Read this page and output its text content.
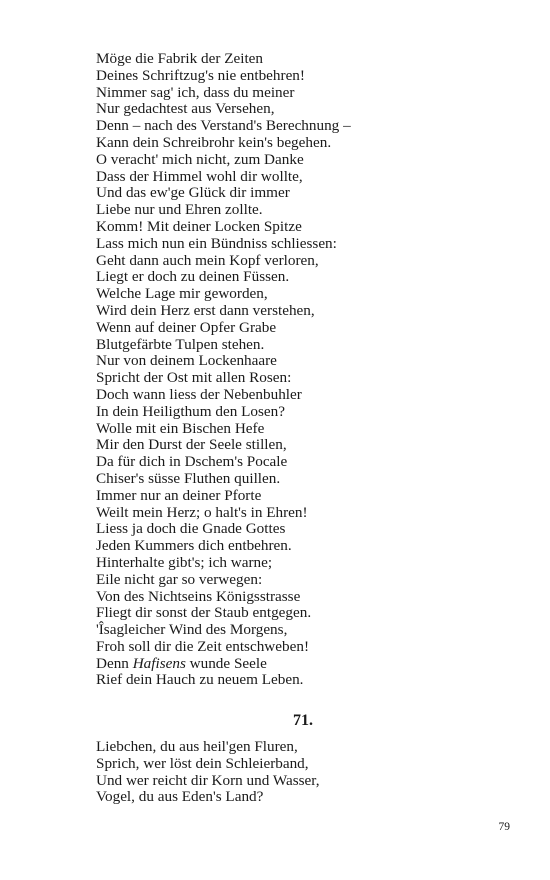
Möge die Fabrik der Zeiten
Deines Schriftzug's nie entbehren!
Nimmer sag' ich, dass du meiner
Nur gedachtest aus Versehen,
Denn – nach des Verstand's Berechnung –
Kann dein Schreibrohr kein's begehen.
O veracht' mich nicht, zum Danke
Dass der Himmel wohl dir wollte,
Und das ew'ge Glück dir immer
Liebe nur und Ehren zollte.
Komm! Mit deiner Locken Spitze
Lass mich nun ein Bündniss schliessen:
Geht dann auch mein Kopf verloren,
Liegt er doch zu deinen Füssen.
Welche Lage mir geworden,
Wird dein Herz erst dann verstehen,
Wenn auf deiner Opfer Grabe
Blutgefärbte Tulpen stehen.
Nur von deinem Lockenhaare
Spricht der Ost mit allen Rosen:
Doch wann liess der Nebenbuhler
In dein Heiligthum den Losen?
Wolle mit ein Bischen Hefe
Mir den Durst der Seele stillen,
Da für dich in Dschem's Pocale
Chiser's süsse Fluthen quillen.
Immer nur an deiner Pforte
Weilt mein Herz; o halt's in Ehren!
Liess ja doch die Gnade Gottes
Jeden Kummers dich entbehren.
Hinterhalte gibt's; ich warne;
Eile nicht gar so verwegen:
Von des Nichtseins Königsstrasse
Fliegt dir sonst der Staub entgegen.
'Îsagleicher Wind des Morgens,
Froh soll dir die Zeit entschweben!
Denn Hafisens wunde Seele
Rief dein Hauch zu neuem Leben.
71.
Liebchen, du aus heil'gen Fluren,
Sprich, wer löst dein Schleierband,
Und wer reicht dir Korn und Wasser,
Vogel, du aus Eden's Land?
79
